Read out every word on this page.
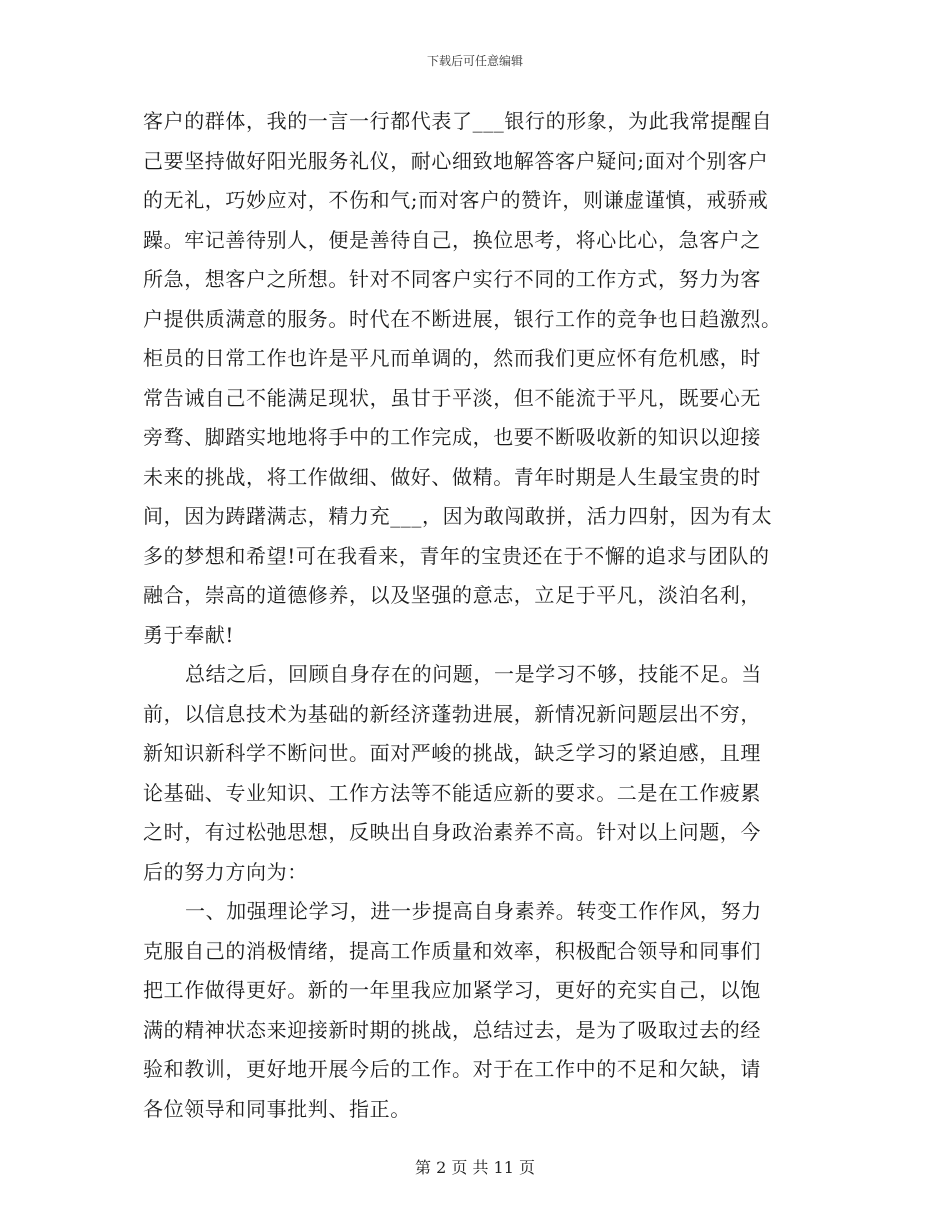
下载后可任意编辑
客户的群体，我的一言一行都代表了___银行的形象，为此我常提醒自
己要坚持做好阳光服务礼仪，耐心细致地解答客户疑问;面对个别客户
的无礼，巧妙应对，不伤和气;而对客户的赞许，则谦虚谨慎，戒骄戒
躁。牢记善待别人，便是善待自己，换位思考，将心比心，急客户之
所急，想客户之所想。针对不同客户实行不同的工作方式，努力为客
户提供质满意的服务。时代在不断进展，银行工作的竞争也日趋激烈。
柜员的日常工作也许是平凡而单调的，然而我们更应怀有危机感，时
常告诫自己不能满足现状，虽甘于平淡，但不能流于平凡，既要心无
旁骛、脚踏实地地将手中的工作完成，也要不断吸收新的知识以迎接
未来的挑战，将工作做细、做好、做精。青年时期是人生最宝贵的时
间，因为踌躇满志，精力充___，因为敢闯敢拼，活力四射，因为有太
多的梦想和希望!可在我看来，青年的宝贵还在于不懈的追求与团队的
融合，崇高的道德修养，以及坚强的意志，立足于平凡，淡泊名利，
勇于奉献!
总结之后，回顾自身存在的问题，一是学习不够，技能不足。当
前，以信息技术为基础的新经济蓬勃进展，新情况新问题层出不穷，
新知识新科学不断问世。面对严峻的挑战，缺乏学习的紧迫感，且理
论基础、专业知识、工作方法等不能适应新的要求。二是在工作疲累
之时，有过松弛思想，反映出自身政治素养不高。针对以上问题，今
后的努力方向为：
一、加强理论学习，进一步提高自身素养。转变工作作风，努力
克服自己的消极情绪，提高工作质量和效率，积极配合领导和同事们
把工作做得更好。新的一年里我应加紧学习，更好的充实自己，以饱
满的精神状态来迎接新时期的挑战，总结过去，是为了吸取过去的经
验和教训，更好地开展今后的工作。对于在工作中的不足和欠缺，请
各位领导和同事批判、指正。
第 2 页 共 11 页
